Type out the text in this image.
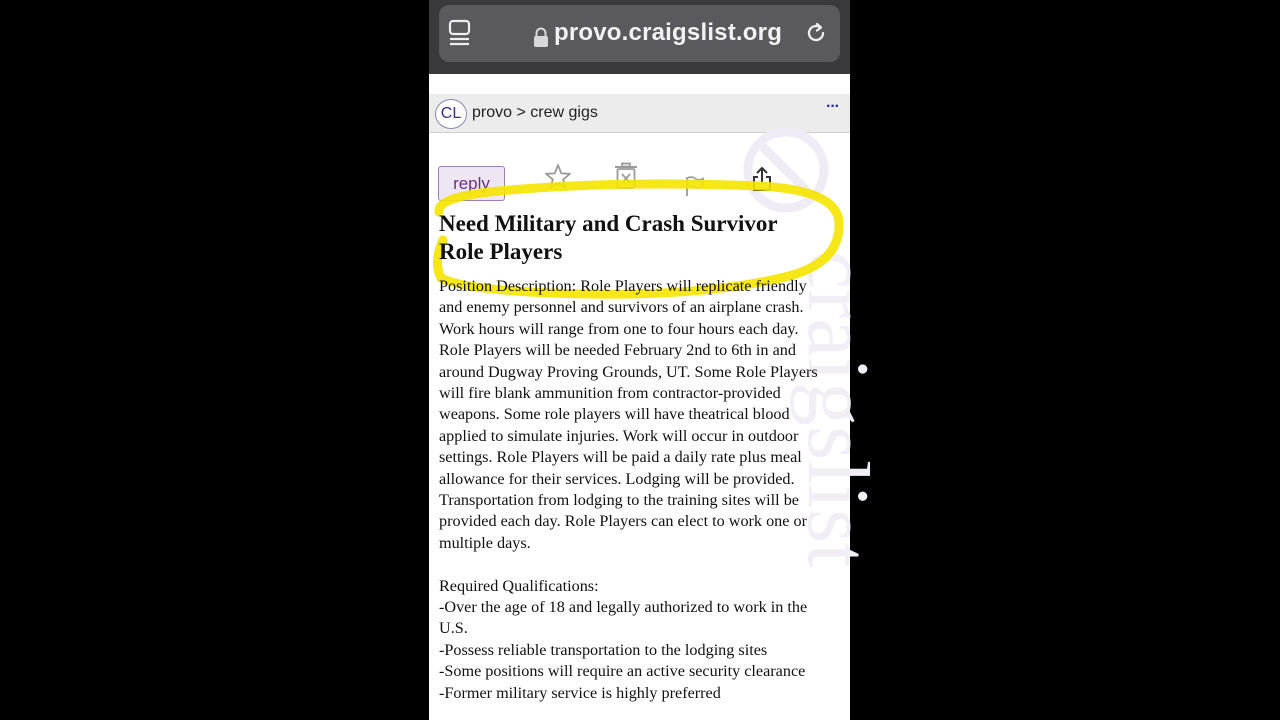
provo.craigslist.org
CL provo > crew gigs	···
craigslist
reply
Need Military and Crash Survivor
Role Players

Position Description: Role Players will replicate friendly

and enemy personnel and survivors of an airplane crash.

Work hours will range from one to four hours each day.

Role Players will be needed February 2nd to 6th in and

around Dugway Proving Grounds, UT. Some Role Players

will fire blank ammunition from contractor-provided

weapons. Some role players will have theatrical blood

applied to simulate injuries. Work will occur in outdoor

settings. Role Players will be paid a daily rate plus meal

allowance for their services. Lodging will be provided.

Transportation from lodging to the training sites will be

provided each day. Role Players can elect to work one or

multiple days.

Required Qualifications:

-Over the age of 18 and legally authorized to work in the

U.S.

-Possess reliable transportation to the lodging sites

-Some positions will require an active security clearance

-Former military service is highly preferred
